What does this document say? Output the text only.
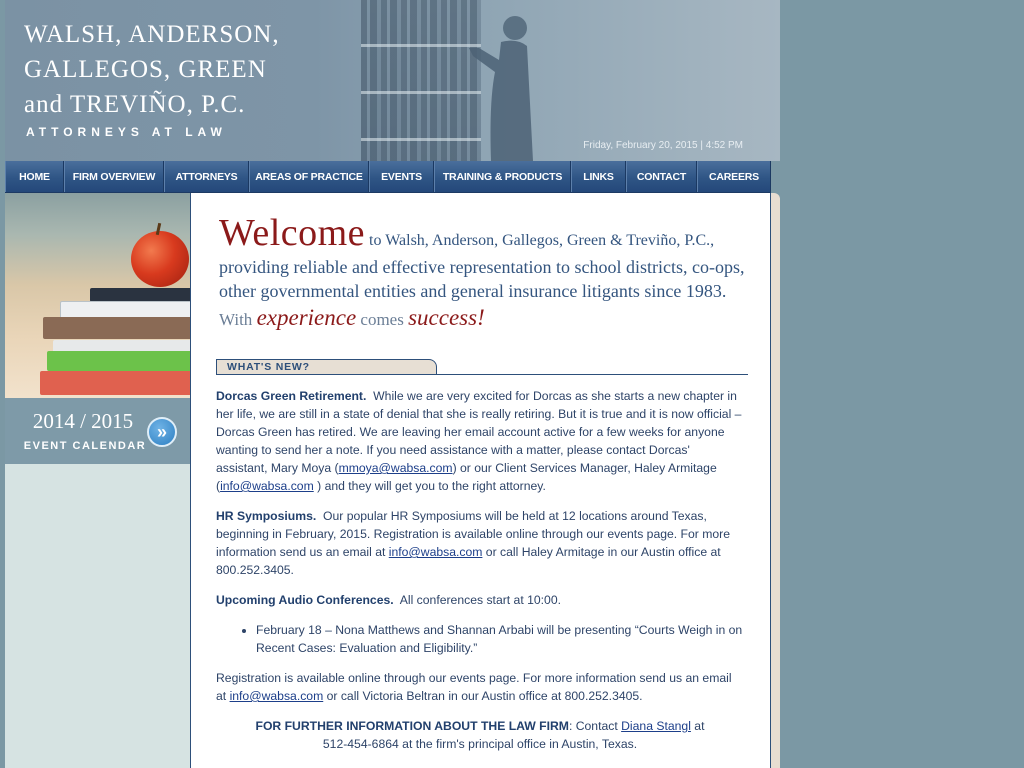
WALSH, ANDERSON,
GALLEGOS, GREEN
and TREVIÑO, P.C.
ATTORNEYS AT LAW
Friday, February 20, 2015 | 4:52 PM
HOME	FIRM OVERVIEW	ATTORNEYS	AREAS OF PRACTICE	EVENTS	TRAINING & PRODUCTS	LINKS	CONTACT	CAREERS
2014 / 2015
EVENT CALENDAR
»
Welcome to Walsh, Anderson, Gallegos, Green & Treviño, P.C.,
providing reliable and effective representation to school districts, co-ops,
other governmental entities and general insurance litigants since 1983.
With experience comes success!
WHAT'S NEW?

Dorcas Green Retirement. While we are very excited for Dorcas as she starts a new chapter in her life, we are still in a state of denial that she is really retiring. But it is true and it is now official – Dorcas Green has retired. We are leaving her email account active for a few weeks for anyone wanting to send her a note. If you need assistance with a matter, please contact Dorcas' assistant, Mary Moya (mmoya@wabsa.com) or our Client Services Manager, Haley Armitage (info@wabsa.com ) and they will get you to the right attorney.

HR Symposiums. Our popular HR Symposiums will be held at 12 locations around Texas, beginning in February, 2015. Registration is available online through our events page. For more information send us an email at info@wabsa.com or call Haley Armitage in our Austin office at 800.252.3405.

Upcoming Audio Conferences. All conferences start at 10:00.

• February 18 – Nona Matthews and Shannan Arbabi will be presenting “Courts Weigh in on Recent Cases: Evaluation and Eligibility.”

Registration is available online through our events page. For more information send us an email at info@wabsa.com or call Victoria Beltran in our Austin office at 800.252.3405.

FOR FURTHER INFORMATION ABOUT THE LAW FIRM: Contact Diana Stangl at
512-454-6864 at the firm's principal office in Austin, Texas.
